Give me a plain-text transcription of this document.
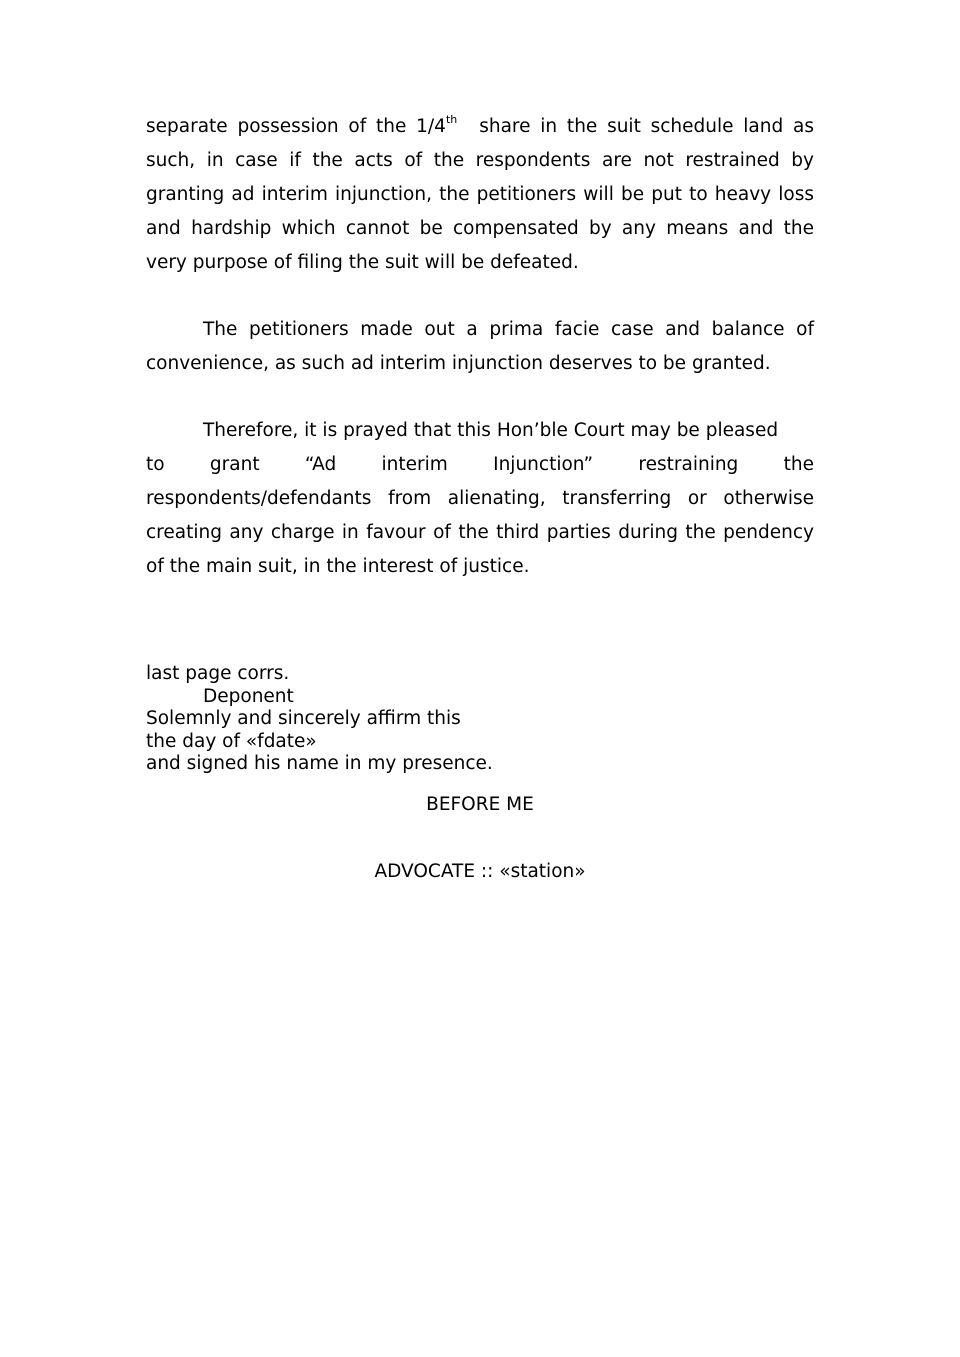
separate possession of the 1/4th share in the suit schedule land as such, in case if the acts of the respondents are not restrained by granting ad interim injunction, the petitioners will be put to heavy loss and hardship which cannot be compensated by any means and the very purpose of filing the suit will be defeated.

The petitioners made out a prima facie case and balance of convenience, as such ad interim injunction deserves to be granted.

Therefore, it is prayed that this Hon’ble Court may be pleased

to grant “Ad interim Injunction” restraining the

respondents/defendants from alienating, transferring or otherwise creating any charge in favour of the third parties during the pendency of the main suit, in the interest of justice.

last page corrs.

Deponent

Solemnly and sincerely affirm this

the day of «fdate»

and signed his name in my presence.

BEFORE ME
ADVOCATE :: «station»
